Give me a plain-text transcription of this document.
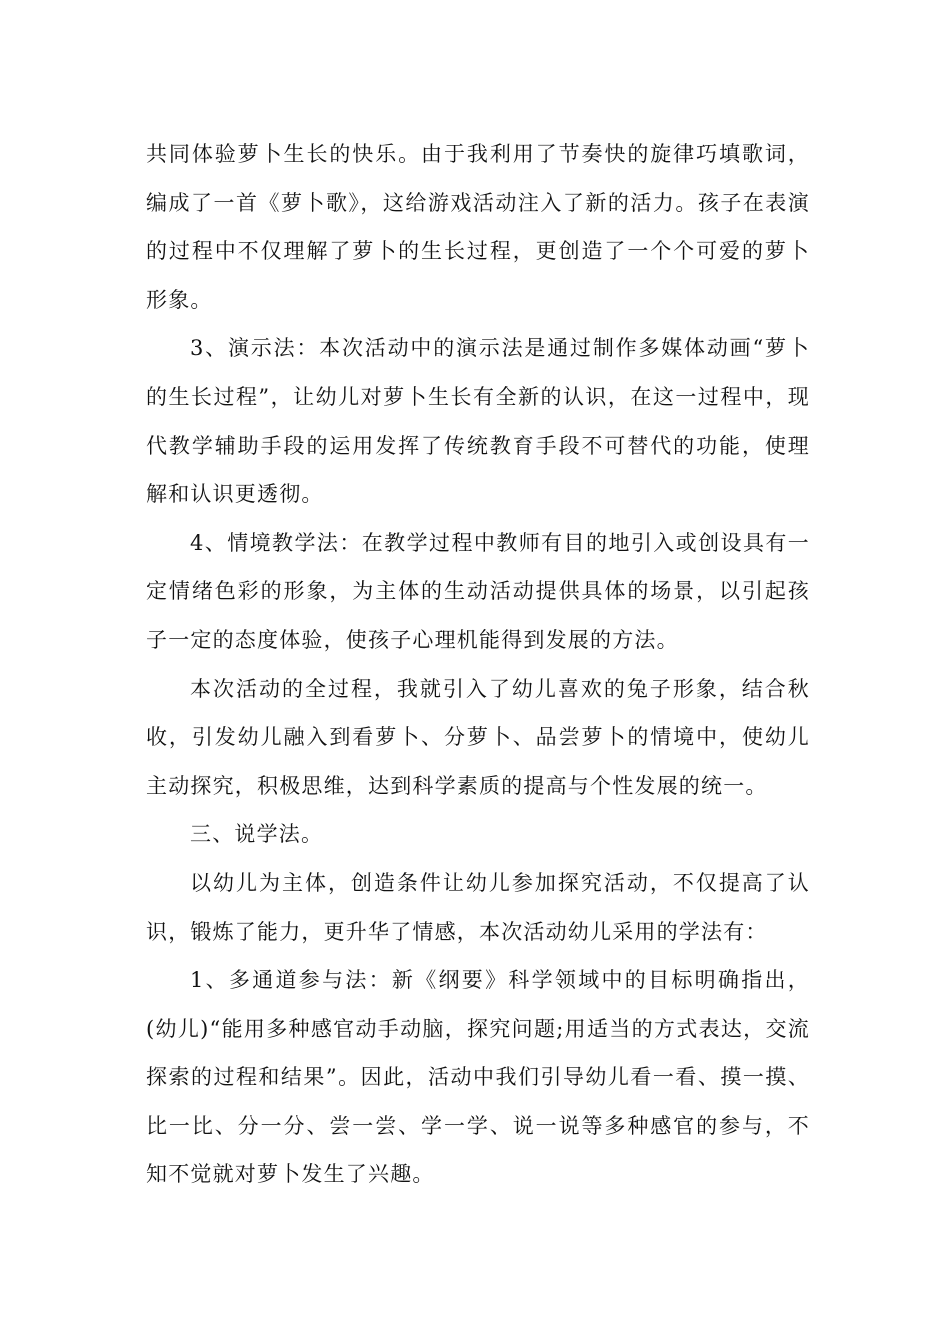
共同体验萝卜生长的快乐。由于我利用了节奏快的旋律巧填歌词，编成了一首《萝卜歌》，这给游戏活动注入了新的活力。孩子在表演的过程中不仅理解了萝卜的生长过程，更创造了一个个可爱的萝卜形象。

3、演示法：本次活动中的演示法是通过制作多媒体动画“萝卜的生长过程”，让幼儿对萝卜生长有全新的认识，在这一过程中，现代教学辅助手段的运用发挥了传统教育手段不可替代的功能，使理解和认识更透彻。

4、情境教学法：在教学过程中教师有目的地引入或创设具有一定情绪色彩的形象，为主体的生动活动提供具体的场景，以引起孩子一定的态度体验，使孩子心理机能得到发展的方法。

本次活动的全过程，我就引入了幼儿喜欢的兔子形象，结合秋收，引发幼儿融入到看萝卜、分萝卜、品尝萝卜的情境中，使幼儿主动探究，积极思维，达到科学素质的提高与个性发展的统一。

三、说学法。

以幼儿为主体，创造条件让幼儿参加探究活动，不仅提高了认识，锻炼了能力，更升华了情感，本次活动幼儿采用的学法有：

1、多通道参与法：新《纲要》科学领域中的目标明确指出，(幼儿)“能用多种感官动手动脑，探究问题;用适当的方式表达，交流探索的过程和结果”。因此，活动中我们引导幼儿看一看、摸一摸、比一比、分一分、尝一尝、学一学、说一说等多种感官的参与，不知不觉就对萝卜发生了兴趣。
